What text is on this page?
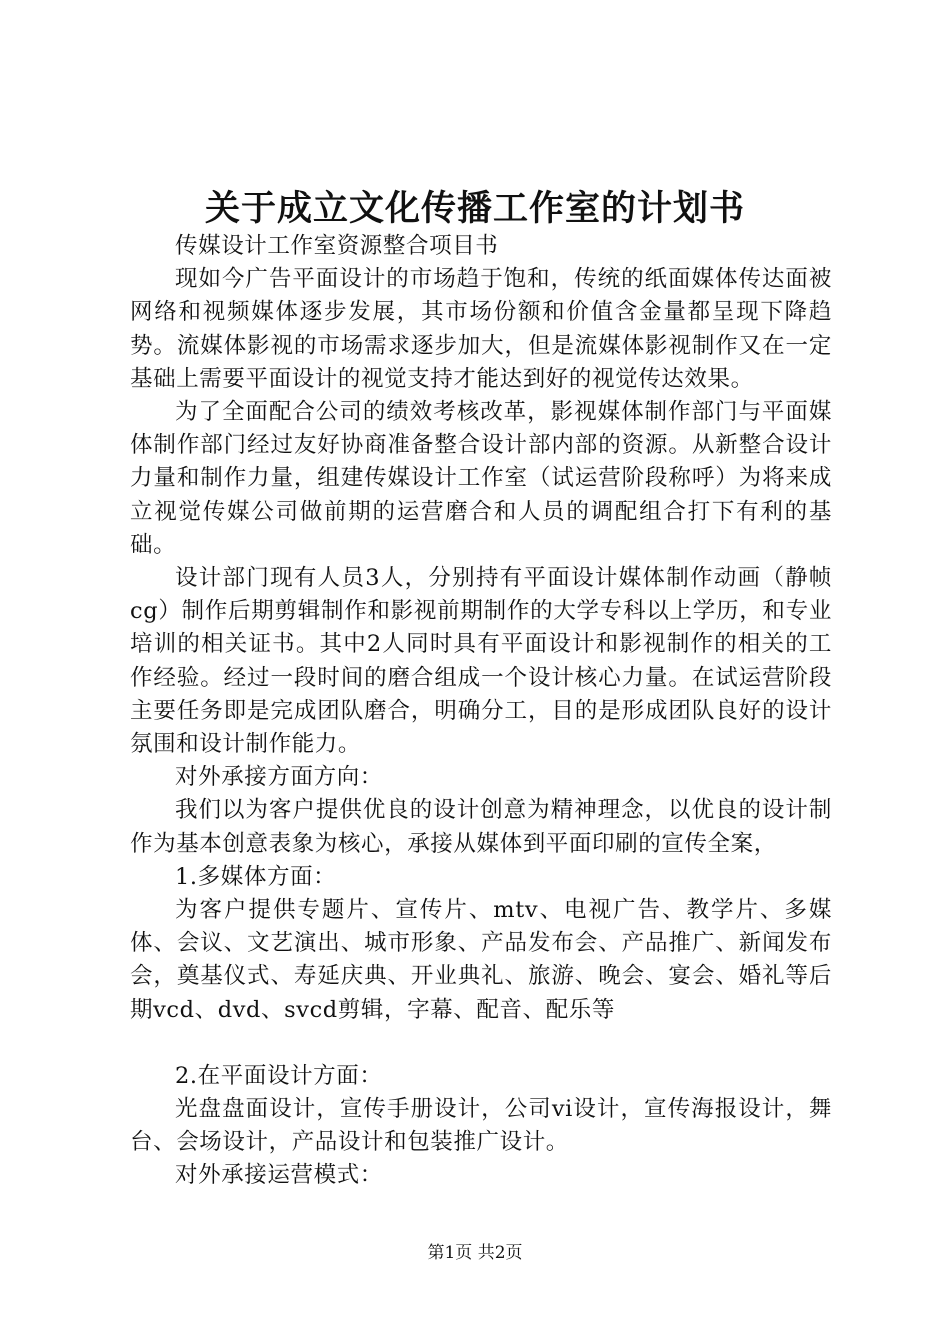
关于成立文化传播工作室的计划书

传媒设计工作室资源整合项目书

现如今广告平面设计的市场趋于饱和，传统的纸面媒体传达面被网络和视频媒体逐步发展，其市场份额和价值含金量都呈现下降趋势。流媒体影视的市场需求逐步加大，但是流媒体影视制作又在一定基础上需要平面设计的视觉支持才能达到好的视觉传达效果。

为了全面配合公司的绩效考核改革，影视媒体制作部门与平面媒体制作部门经过友好协商准备整合设计部内部的资源。从新整合设计力量和制作力量，组建传媒设计工作室（试运营阶段称呼）为将来成立视觉传媒公司做前期的运营磨合和人员的调配组合打下有利的基础。

设计部门现有人员3人，分别持有平面设计媒体制作动画（静帧cg）制作后期剪辑制作和影视前期制作的大学专科以上学历，和专业培训的相关证书。其中2人同时具有平面设计和影视制作的相关的工作经验。经过一段时间的磨合组成一个设计核心力量。在试运营阶段主要任务即是完成团队磨合，明确分工，目的是形成团队良好的设计氛围和设计制作能力。

对外承接方面方向：

我们以为客户提供优良的设计创意为精神理念，以优良的设计制作为基本创意表象为核心，承接从媒体到平面印刷的宣传全案，

1.多媒体方面：

为客户提供专题片、宣传片、mtv、电视广告、教学片、多媒体、会议、文艺演出、城市形象、产品发布会、产品推广、新闻发布会，奠基仪式、寿延庆典、开业典礼、旅游、晚会、宴会、婚礼等后期vcd、dvd、svcd剪辑，字幕、配音、配乐等

2.在平面设计方面：

光盘盘面设计，宣传手册设计，公司vi设计，宣传海报设计，舞台、会场设计，产品设计和包装推广设计。

对外承接运营模式：

第1页 共2页
